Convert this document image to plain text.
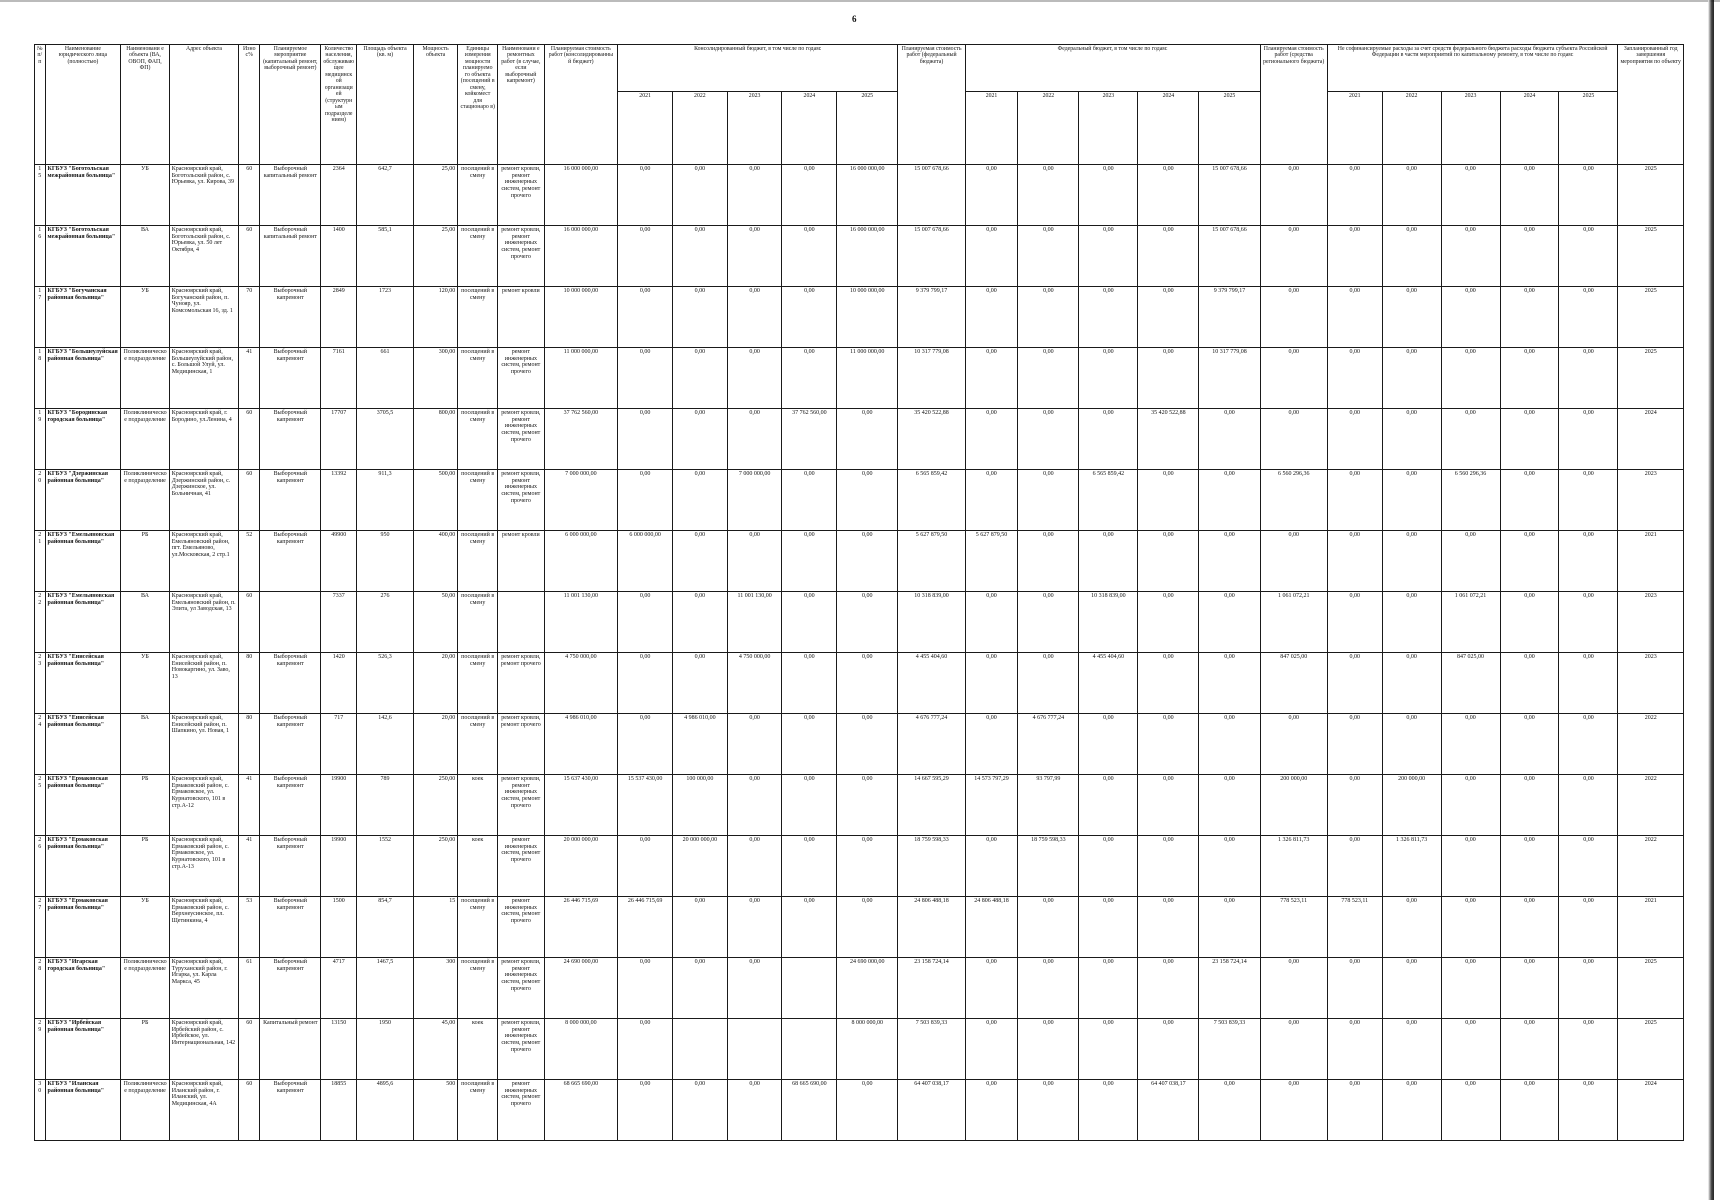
6
№ п/п	Наименование юридического лица (полностью)	Наименовани е объекта (ВА, ОВОП, ФАП, ФП)	Адрес объекта	Изно с%	Планируемое мероприятие (капитальный ремонт, выборочный ремонт)	Количество населения, обслуживаю щее медицинск ой организаци ей (структурн ым подразделе нием)	Площадь объекта (кв. м)	Мощность объекта	Единицы измерения мощности планируемо го объекта (посещений в смену, койкомест для стационаро в)	Наименовани е ремонтных работ (в случае, если выборочный капремонт)	Планируемая стоимость работ (консолидированны й бюджет)	Консолидированный бюджет, в том числе по годам:					Планируемая стоимость работ (федеральный бюджета)	Федеральный бюджет, в том числе по годам:					Планируемая стоимость работ (средства регионального бюджета)	Не софинансируемые расходы за счет средств федерального бюджета расходы бюджета субъекта Российской Федерации в части мероприятий по капитальному ремонту, в том числе по годам:					Запланированный год завершения мероприятия по объекту
												2021	2022	2023	2024	2025		2021	2022	2023	2024	2025		2021	2022	2023	2024	2025	
15	КГБУЗ "Боготольская межрайонная больница"	УБ	Красноярский край, Боготольский район, с. Юрьевка, ул. Кирова, 39	60	Выборочный капитальный ремонт	2364	642,7	25,00	посещений в смену	ремонт кровли, ремонт инженерных систем, ремонт прочего	16 000 000,00	0,00	0,00	0,00	0,00	16 000 000,00	15 007 678,66	0,00	0,00	0,00	0,00	15 007 678,66	0,00	0,00	0,00	0,00	0,00	0,00	2025
16	КГБУЗ "Боготольская межрайонная больница"	ВА	Красноярский край, Боготольский район, с. Юрьевка, ул. 50 лет Октября, 4	60	Выборочный капитальный ремонт	1400	585,1	25,00	посещений в смену	ремонт кровли, ремонт инженерных систем, ремонт прочего	16 000 000,00	0,00	0,00	0,00	0,00	16 000 000,00	15 007 678,66	0,00	0,00	0,00	0,00	15 007 678,66	0,00	0,00	0,00	0,00	0,00	0,00	2025
17	КГБУЗ "Богучанская районная больница"	УБ	Красноярский край, Богучанский район, п. Чунояр, ул. Комсомольская 16, зд. 1	70	Выборочный капремонт	2849	1723	120,00	посещений в смену	ремонт кровли	10 000 000,00	0,00	0,00	0,00	0,00	10 000 000,00	9 379 799,17	0,00	0,00	0,00	0,00	9 379 799,17	0,00	0,00	0,00	0,00	0,00	0,00	2025
18	КГБУЗ "Большеулуйская районная больница"	Поликлиническое подразделение	Красноярский край, Большеулуйский район, с. Большой Улуй, ул. Медицинская, 1	41	Выборочный капремонт	7161	661	300,00	посещений в смену	ремонт инженерных систем, ремонт прочего	11 000 000,00	0,00	0,00	0,00	0,00	11 000 000,00	10 317 779,08	0,00	0,00	0,00	0,00	10 317 779,08	0,00	0,00	0,00	0,00	0,00	0,00	2025
19	КГБУЗ "Бородинская городская больница"	Поликлиническое подразделение	Красноярский край, г. Бородино, ул.Ленина, 4	60	Выборочный капремонт	17707	3705,5	800,00	посещений в смену	ремонт кровли, ремонт инженерных систем, ремонт прочего	37 762 560,00	0,00	0,00	0,00	37 762 560,00	0,00	35 420 522,88	0,00	0,00	0,00	35 420 522,88	0,00	0,00	0,00	0,00	0,00	0,00	0,00	2024
20	КГБУЗ "Дзержинская районная больница"	Поликлиническое подразделение	Красноярский край, Дзержинский район, с. Дзержинское, ул. Больничная, 41	60	Выборочный капремонт	13392	911,3	500,00	посещений в смену	ремонт кровли, ремонт инженерных систем, ремонт прочего	7 000 000,00	0,00	0,00	7 000 000,00	0,00	0,00	6 565 859,42	0,00	0,00	6 565 859,42	0,00	0,00	6 560 296,36	0,00	0,00	6 560 296,36	0,00	0,00	2023
21	КГБУЗ "Емельяновская районная больница"	РБ	Красноярский край, Емельяновский район, пгт. Емельяново, ул.Московская, 2 стр.1	52	Выборочный капремонт	49900	950	400,00	посещений в смену	ремонт кровли	6 000 000,00	6 000 000,00	0,00	0,00	0,00	0,00	5 627 879,50	5 627 879,50	0,00	0,00	0,00	0,00	0,00	0,00	0,00	0,00	0,00	0,00	2021
22	КГБУЗ "Емельяновская районная больница"	ВА	Красноярский край, Емельяновский район, п. Элита, ул Заводская, 13	60		7337	276	50,00	посещений в смену		11 001 130,00	0,00	0,00	11 001 130,00	0,00	0,00	10 318 839,00	0,00	0,00	10 318 839,00	0,00	0,00	1 061 072,21	0,00	0,00	1 061 072,21	0,00	0,00	2023
23	КГБУЗ "Енисейская районная больница"	УБ	Красноярский край, Енисейский район, п. Новокаргино, ул. Заво, 13	80	Выборочный капремонт	1420	526,3	20,00	посещений в смену	ремонт кровли, ремонт прочего	4 750 000,00	0,00	0,00	4 750 000,00	0,00	0,00	4 455 404,60	0,00	0,00	4 455 404,60	0,00	0,00	847 025,00	0,00	0,00	847 025,00	0,00	0,00	2023
24	КГБУЗ "Енисейская районная больница"	ВА	Красноярский край, Енисейский район, п. Шапкино, ул. Новая, 1	80	Выборочный капремонт	717	142,6	20,00	посещений в смену	ремонт кровли, ремонт прочего	4 986 010,00	0,00	4 986 010,00	0,00	0,00	0,00	4 676 777,24	0,00	4 676 777,24	0,00	0,00	0,00	0,00	0,00	0,00	0,00	0,00	0,00	2022
25	КГБУЗ "Ермаковская районная больница"	РБ	Красноярский край, Ермаковский район, с. Ермаковское, ул. Курнатовского, 101 в стр.А-12	41	Выборочный капремонт	19900	789	250,00	коек	ремонт кровли, ремонт инженерных систем, ремонт прочего	15 637 430,00	15 537 430,00	100 000,00	0,00	0,00	0,00	14 667 595,29	14 573 797,29	93 797,99	0,00	0,00	0,00	200 000,00	0,00	200 000,00	0,00	0,00	0,00	2022
26	КГБУЗ "Ермаковская районная больница"	РБ	Красноярский край, Ермаковский район, с. Ермаковское, ул. Курнатовского, 101 в стр.А-13	41	Выборочный капремонт	19900	1552	250,00	коек	ремонт инженерных систем, ремонт прочего	20 000 000,00	0,00	20 000 000,00	0,00	0,00	0,00	18 759 598,33	0,00	18 759 598,33	0,00	0,00	0,00	1 326 811,73	0,00	1 326 811,73	0,00	0,00	0,00	2022
27	КГБУЗ "Ермаковская районная больница"	УБ	Красноярский край, Ермаковский район, с. Верхнеусинское, пл. Щетинкина, 4	53	Выборочный капремонт	1500	854,7	15	посещений в смену	ремонт инженерных систем, ремонт прочего	26 446 715,69	26 446 715,69	0,00	0,00	0,00	0,00	24 806 488,18	24 806 488,18	0,00	0,00	0,00	0,00	778 523,11	778 523,11	0,00	0,00	0,00	0,00	2021
28	КГБУЗ "Игарская городская больница"	Поликлиническое подразделение	Красноярский край, Туруханский район, г. Игарка, ул. Карла Маркса, 45	61	Выборочный капремонт	4717	1467,5	300	посещений в смену	ремонт кровли, ремонт инженерных систем, ремонт прочего	24 690 000,00	0,00	0,00	0,00		24 690 000,00	23 158 724,14	0,00	0,00	0,00	0,00	23 158 724,14	0,00	0,00	0,00	0,00	0,00	0,00	2025
29	КГБУЗ "Ирбейская районная больница"	РБ	Красноярский край, Ирбейский район, с. Ирбейское, ул. Интернациональная, 142	60	Капитальный ремонт	13150	1950	45,00	коек	ремонт кровли, ремонт инженерных систем, ремонт прочего	8 000 000,00	0,00				8 000 000,00	7 503 839,33	0,00	0,00	0,00	0,00	7 503 839,33	0,00	0,00	0,00	0,00	0,00	0,00	2025
30	КГБУЗ "Иланская районная больница"	Поликлиническое подразделение	Красноярский край, Иланский район, г. Иланский, ул. Медицинская, 4А	60	Выборочный капремонт	18855	4895,6	500	посещений в смену	ремонт инженерных систем, ремонт прочего	68 665 690,00	0,00	0,00	0,00	68 665 690,00	0,00	64 407 038,17	0,00	0,00	0,00	64 407 038,17	0,00	0,00	0,00	0,00	0,00	0,00	0,00	2024
